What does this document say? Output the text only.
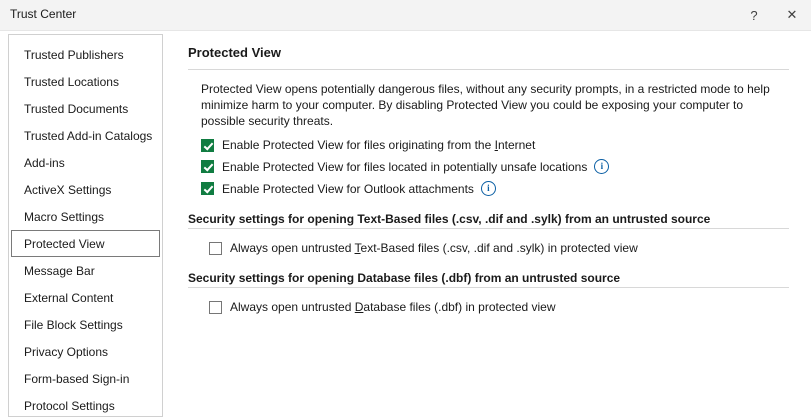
Trust Center	?	✕
Trusted Publishers
Trusted Locations
Trusted Documents
Trusted Add-in Catalogs
Add-ins
ActiveX Settings
Macro Settings
Protected View
Message Bar
External Content
File Block Settings
Privacy Options
Form-based Sign-in
Protocol Settings
Protected View
Protected View opens potentially dangerous files, without any security prompts, in a restricted mode to help minimize harm to your computer. By disabling Protected View you could be exposing your computer to possible security threats.
Enable Protected View for files originating from the Internet
Enable Protected View for files located in potentially unsafe locations	i
Enable Protected View for Outlook attachments	i
Security settings for opening Text-Based files (.csv, .dif and .sylk) from an untrusted source
Always open untrusted Text-Based files (.csv, .dif and .sylk) in protected view
Security settings for opening Database files (.dbf) from an untrusted source
Always open untrusted Database files (.dbf) in protected view
